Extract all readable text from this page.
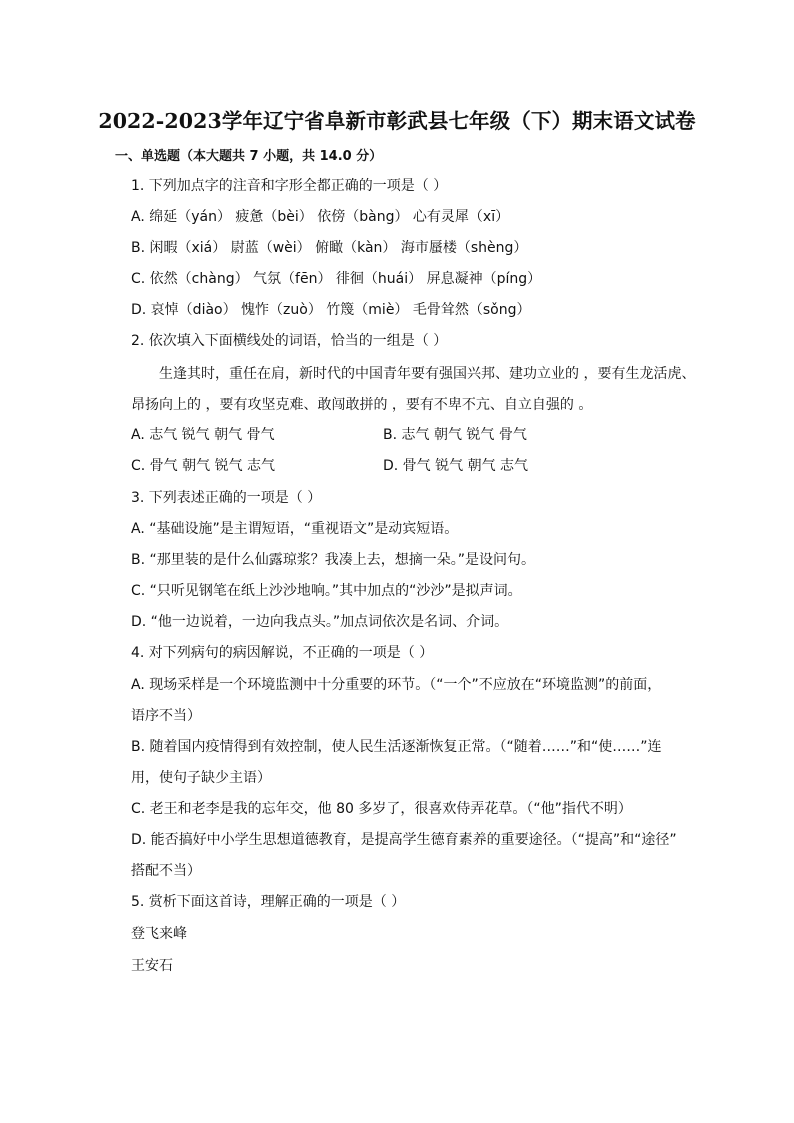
2022-2023学年辽宁省阜新市彰武县七年级（下）期末语文试卷
一、单选题（本大题共 7 小题，共 14.0 分）
1. 下列加点字的注音和字形全都正确的一项是（ ）
A. 绵延（yán） 疲惫（bèi） 依傍（bàng） 心有灵犀（xī）
B. 闲暇（xiá） 尉蓝（wèi） 俯瞰（kàn） 海市蜃楼（shèng）
C. 依然（chàng） 气氛（fēn） 徘徊（huái） 屏息凝神（píng）
D. 哀悼（diào） 愧怍（zuò） 竹篾（miè） 毛骨耸然（sǒng）
2. 依次填入下面横线处的词语，恰当的一组是（ ）
生逢其时，重任在肩，新时代的中国青年要有强国兴邦、建功立业的 ，要有生龙活虎、
昂扬向上的 ，要有攻坚克难、敢闯敢拼的 ，要有不卑不亢、自立自强的 。
A. 志气 锐气 朝气 骨气	B. 志气 朝气 锐气 骨气
C. 骨气 朝气 锐气 志气	D. 骨气 锐气 朝气 志气
3. 下列表述正确的一项是（ ）
A. “基础设施”是主谓短语，“重视语文”是动宾短语。
B. “那里装的是什么仙露琼浆？我凑上去，想摘一朵。”是设问句。
C. “只听见钢笔在纸上沙沙地响。”其中加点的“沙沙”是拟声词。
D. “他一边说着，一边向我点头。”加点词依次是名词、介词。
4. 对下列病句的病因解说，不正确的一项是（ ）
A. 现场采样是一个环境监测中十分重要的环节。（“一个”不应放在“环境监测”的前面，
语序不当）
B. 随着国内疫情得到有效控制，使人民生活逐渐恢复正常。（“随着……”和“使……”连
用，使句子缺少主语）
C. 老王和老李是我的忘年交，他 80 多岁了，很喜欢侍弄花草。（“他”指代不明）
D. 能否搞好中小学生思想道德教育，是提高学生德育素养的重要途径。（“提高”和“途径”
搭配不当）
5. 赏析下面这首诗，理解正确的一项是（ ）
登飞来峰
王安石
